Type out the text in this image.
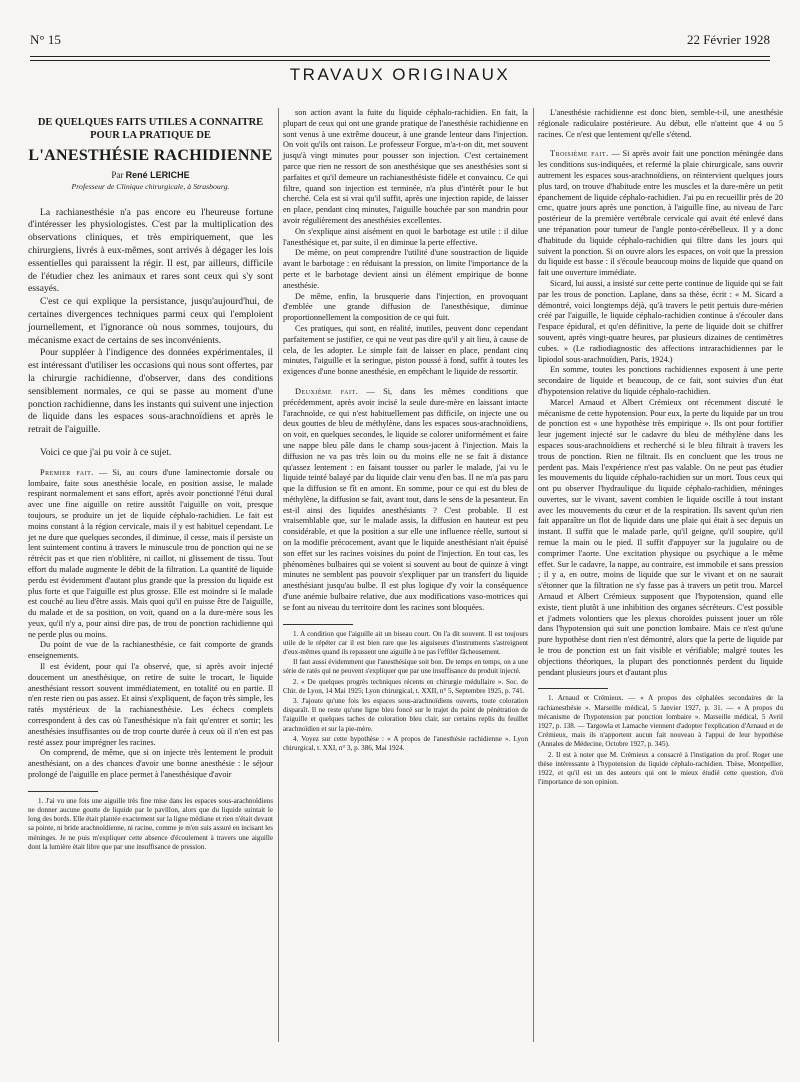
N° 15	22 Février 1928
TRAVAUX ORIGINAUX
DE QUELQUES FAITS UTILES A CONNAITRE
POUR LA PRATIQUE DE
L'ANESTHÉSIE RACHIDIENNE
Par René LERICHE
Professeur de Clinique chirurgicale, à Strasbourg.

La rachianesthésie n'a pas encore eu l'heureuse fortune d'intéresser les physiologistes. C'est par la multiplication des observations cliniques, et très empiriquement, que les chirurgiens, livrés à eux-mêmes, sont arrivés à dégager les lois essentielles qui paraissent la régir. Il est, par ailleurs, difficile de l'étudier chez les animaux et rares sont ceux qui s'y sont essayés.

C'est ce qui explique la persistance, jusqu'aujourd'hui, de certaines divergences techniques parmi ceux qui l'emploient journellement, et l'ignorance où nous sommes, toujours, du mécanisme exact de certains de ses inconvénients.

Pour suppléer à l'indigence des données expérimentales, il est intéressant d'utiliser les occasions qui nous sont offertes, par la chirurgie rachidienne, d'observer, dans des conditions sensiblement normales, ce qui se passe au moment d'une ponction rachidienne, dans les instants qui suivent une injection de liquide dans les espaces sous-arachnoïdiens et après le retrait de l'aiguille.

Voici ce que j'ai pu voir à ce sujet.

Premier fait. — Si, au cours d'une laminectomie dorsale ou lombaire, faite sous anesthésie locale, en position assise, le malade respirant normalement et sans effort, après avoir ponctionné l'étui dural avec une fine aiguille on retire aussitôt l'aiguille on voit, presque toujours, se produire un jet de liquide céphalo-rachidien. Le fait est moins constant à la région cervicale, mais il y est habituel cependant. Le jet ne dure que quelques secondes, il diminue, il cesse, mais il persiste un lent suintement continu à travers le minuscule trou de ponction qui ne se rétrécit pas et que rien n'oblitère, ni caillot, ni glissement de tissu. Tout effort du malade augmente le débit de la filtration. La quantité de liquide perdu est évidemment d'autant plus grande que la pression du liquide est plus forte et que l'aiguille est plus grosse. Elle est moindre si le malade est couché au lieu d'être assis. Mais quoi qu'il en puisse être de l'aiguille, du malade et de sa position, on voit, quand on a la dure-mère sous les yeux, qu'il n'y a, pour ainsi dire pas, de trou de ponction rachidienne qui ne perde plus ou moins.

Du point de vue de la rachianesthésie, ce fait comporte de grands enseignements.

Il est évident, pour qui l'a observé, que, si après avoir injecté doucement un anesthésique, on retire de suite le trocart, le liquide anesthésiant ressort souvent immédiatement, en totalité ou en partie. Il n'en reste rien ou pas assez. Et ainsi s'expliquent, de façon très simple, les ratés mystérieux de la rachianesthésie. Les échecs complets correspondent à des cas où l'anesthésique n'a fait qu'entrer et sortir; les anesthésies insuffisantes ou de trop courte durée à ceux où il n'en est pas resté assez pour imprégner les racines.

On comprend, de même, que si on injecte très lentement le produit anesthésiant, on a des chances d'avoir une bonne anesthésie : le séjour prolongé de l'aiguille en place permet à l'anesthésique d'avoir

1. J'ai vu une fois une aiguille très fine mise dans les espaces sous-arachnoïdiens ne donner aucune goutte de liquide par le pavillon, alors que du liquide suintait le long des bords. Elle était plantée exactement sur la ligne médiane et rien n'était devant sa pointe, ni bride arachnoïdienne, ni racine, comme je m'en suis assuré en incisant les méninges. Je ne puis m'expliquer cette absence d'écoulement à travers une aiguille dont la lumière était libre que par une insuffisance de pression.

son action avant la fuite du liquide céphalo-rachidien. En fait, la plupart de ceux qui ont une grande pratique de l'anesthésie rachidienne en sont venus à une extrême douceur, à une grande lenteur dans l'injection. On voit qu'ils ont raison. Le professeur Forgue, m'a-t-on dit, met souvent jusqu'à vingt minutes pour pousser son injection. C'est certainement parce que rien ne ressort de son anesthésique que ses anesthésies sont si parfaites et qu'il demeure un rachianesthésiste fidèle et convaincu. Ce qui filtre, quand son injection est terminée, n'a plus d'intérêt pour le but cherché. Cela est si vrai qu'il suffit, après une injection rapide, de laisser en place, pendant cinq minutes, l'aiguille bouchée par son mandrin pour avoir régulièrement des anesthésies excellentes.

On s'explique ainsi aisément en quoi le barbotage est utile : il dilue l'anesthésique et, par suite, il en diminue la perte effective.

De même, on peut comprendre l'utilité d'une soustraction de liquide avant le barbotage : en réduisant la pression, on limite l'importance de la perte et le barbotage devient ainsi un élément empirique de bonne anesthésie.

De même, enfin, la brusquerie dans l'injection, en provoquant d'emblée une grande diffusion de l'anesthésique, diminue proportionnellement la composition de ce qui fuit.

Ces pratiques, qui sont, en réalité, inutiles, peuvent donc cependant parfaitement se justifier, ce qui ne veut pas dire qu'il y ait lieu, à cause de cela, de les adopter. Le simple fait de laisser en place, pendant cinq minutes, l'aiguille et la seringue, piston poussé à fond, suffit à toutes les exigences d'une bonne anesthésie, en empêchant le liquide de ressortir.

Deuxième fait. — Si, dans les mêmes conditions que précédemment, après avoir incisé la seule dure-mère en laissant intacte l'arachnoïde, ce qui n'est habituellement pas difficile, on injecte une ou deux gouttes de bleu de méthylène, dans les espaces sous-arachnoïdiens, on voit, en quelques secondes, le liquide se colorer uniformément et faire une nappe bleu pâle dans le champ sous-jacent à l'injection. Mais la diffusion ne va pas très loin ou du moins elle ne se fait à distance qu'assez lentement : en faisant tousser ou parler le malade, j'ai vu le liquide teinté balayé par du liquide clair venu d'en bas. Il ne m'a pas paru que la diffusion se fît en amont. En somme, pour ce qui est du bleu de méthylène, la diffusion se fait, avant tout, dans le sens de la pesanteur. En est-il ainsi des liquides anesthésiants ? C'est probable. Il est vraisemblable que, sur le malade assis, la diffusion en hauteur est peu considérable, et que la position a sur elle une influence réelle, surtout si on la modifie précocement, avant que le liquide anesthésiant n'ait épuisé son effet sur les racines voisines du point de l'injection. En tout cas, les phénomènes bulbaires qui se voient si souvent au bout de quinze à vingt minutes ne semblent pas pouvoir s'expliquer par un transfert du liquide anesthésiant jusqu'au bulbe. Il est plus logique d'y voir la conséquence d'une anémie bulbaire relative, due aux modifications vaso-motrices qui se font au niveau du territoire dont les racines sont bloquées.

1. A condition que l'aiguille ait un biseau court. On l'a dit souvent. Il est toujours utile de le répéter car il est bien rare que les aiguiseurs d'instruments s'astreignent d'eux-mêmes quand ils repassent une aiguille à ne pas l'effiler fâcheusement.

Il faut aussi évidemment que l'anesthésique soit bon. De temps en temps, on a une série de ratés qui ne peuvent s'expliquer que par une insuffisance du produit injecté.

2. « De quelques progrès techniques récents en chirurgie médullaire ». Soc. de Chir. de Lyon, 14 Mai 1925; Lyon chirurgical, t. XXII, n° 5, Septembre 1925, p. 741.

3. J'ajoute qu'une fois les espaces sous-arachnoïdiens ouverts, toute coloration disparaît. Il ne reste qu'une ligne bleu foncé sur le trajet du point de pénétration de l'aiguille et quelques taches de coloration bleu clair, sur certains replis du feuillet arachnoïdien et sur la pie-mère.

4. Voyez sur cette hypothèse : « A propos de l'anesthésie rachidienne ». Lyon chirurgical, t. XXI, n° 3, p. 386, Mai 1924.

L'anesthésie rachidienne est donc bien, semble-t-il, une anesthésie régionale radiculaire postérieure. Au début, elle n'atteint que 4 ou 5 racines. Ce n'est que lentement qu'elle s'étend.

Troisième fait. — Si après avoir fait une ponction méningée dans les conditions sus-indiquées, et refermé la plaie chirurgicale, sans ouvrir autrement les espaces sous-arachnoïdiens, on réintervient quelques jours plus tard, on trouve d'habitude entre les muscles et la dure-mère un petit épanchement de liquide céphalo-rachidien. J'ai pu en recueillir près de 20 cmc, quatre jours après une ponction, à l'aiguille fine, au niveau de l'arc postérieur de la première vertébrale cervicale qui avait été enlevé dans une trépanation pour tumeur de l'angle ponto-cérébelleux. Il y a donc d'habitude du liquide céphalo-rachidien qui filtre dans les jours qui suivent la ponction. Si on ouvre alors les espaces, on voit que la pression du liquide est basse : il s'écoule beaucoup moins de liquide que quand on fait une ouverture immédiate.

Sicard, lui aussi, a insisté sur cette perte continue de liquide qui se fait par les trous de ponction. Laplane, dans sa thèse, écrit : « M. Sicard a démontré, voici longtemps déjà, qu'à travers le petit pertuis dure-mérien créé par l'aiguille, le liquide céphalo-rachidien continue à s'écouler dans l'espace épidural, et qu'en définitive, la perte de liquide doit se chiffrer souvent, après vingt-quatre heures, par plusieurs dizaines de centimètres cubes. » (Le radiodiagnostic des affections intrarachidiennes par le lipiodol sous-arachnoïdien, Paris, 1924.)

En somme, toutes les ponctions rachidiennes exposent à une perte secondaire de liquide et beaucoup, de ce fait, sont suivies d'un état d'hypotension relative du liquide céphalo-rachidien.

Marcel Arnaud et Albert Crémieux ont récemment discuté le mécanisme de cette hypotension. Pour eux, la perte du liquide par un trou de ponction est « une hypothèse très empirique ». Ils ont pour fortifier leur jugement injecté sur le cadavre du bleu de méthylène dans les espaces sous-arachnoïdiens et recherché si le bleu filtrait à travers les trous de ponction. Rien ne filtrait. Ils en concluent que les trous ne perdent pas. Mais l'expérience n'est pas valable. On ne peut pas étudier les mouvements du liquide céphalo-rachidien sur un mort. Tous ceux qui ont pu observer l'hydraulique du liquide céphalo-rachidien, méninges ouvertes, sur le vivant, savent combien le liquide oscille à tout instant avec les mouvements du cœur et de la respiration. Ils savent qu'un rien fait apparaître un flot de liquide dans une plaie qui était à sec depuis un instant. Il suffit que le malade parle, qu'il geigne, qu'il soupire, qu'il remue la main ou le pied. Il suffit d'appuyer sur la jugulaire ou de comprimer l'aorte. Une excitation physique ou psychique a le même effet. Sur le cadavre, la nappe, au contraire, est immobile et sans pression ; il y a, en outre, moins de liquide que sur le vivant et on ne saurait s'étonner que la filtration ne s'y fasse pas à travers un petit trou. Marcel Arnaud et Albert Crémieux supposent que l'hypotension, quand elle existe, tient plutôt à une inhibition des organes sécréteurs. C'est possible et j'admets volontiers que les plexus choroïdes puissent jouer un rôle dans l'hypotension qui suit une ponction lombaire. Mais ce n'est qu'une pure hypothèse dont rien n'est démontré, alors que la perte de liquide par le trou de ponction est un fait visible et vérifiable; malgré toutes les objections théoriques, la plupart des ponctionnés perdent du liquide pendant plusieurs jours et d'autant plus

1. Arnaud et Crémieux. — « A propos des céphalées secondaires de la rachianesthésie ». Marseille médical, 5 Janvier 1927, p. 31. — « A propos du mécanisme de l'hypotension par ponction lombaire ». Marseille médical, 5 Avril 1927, p. 138. — Targowla et Lamache viennent d'adopter l'explication d'Arnaud et de Crémieux, mais ils n'apportent aucun fait nouveau à l'appui de leur hypothèse (Annales de Médecine, Octobre 1927, p. 345).

2. Il est à noter que M. Crémieux a consacré à l'instigation du prof. Roger une thèse intéressante à l'hypotension du liquide céphalo-rachidien. Thèse, Montpellier, 1922, et qu'il est un des auteurs qui ont le mieux étudié cette question, d'où l'importance de son opinion.
